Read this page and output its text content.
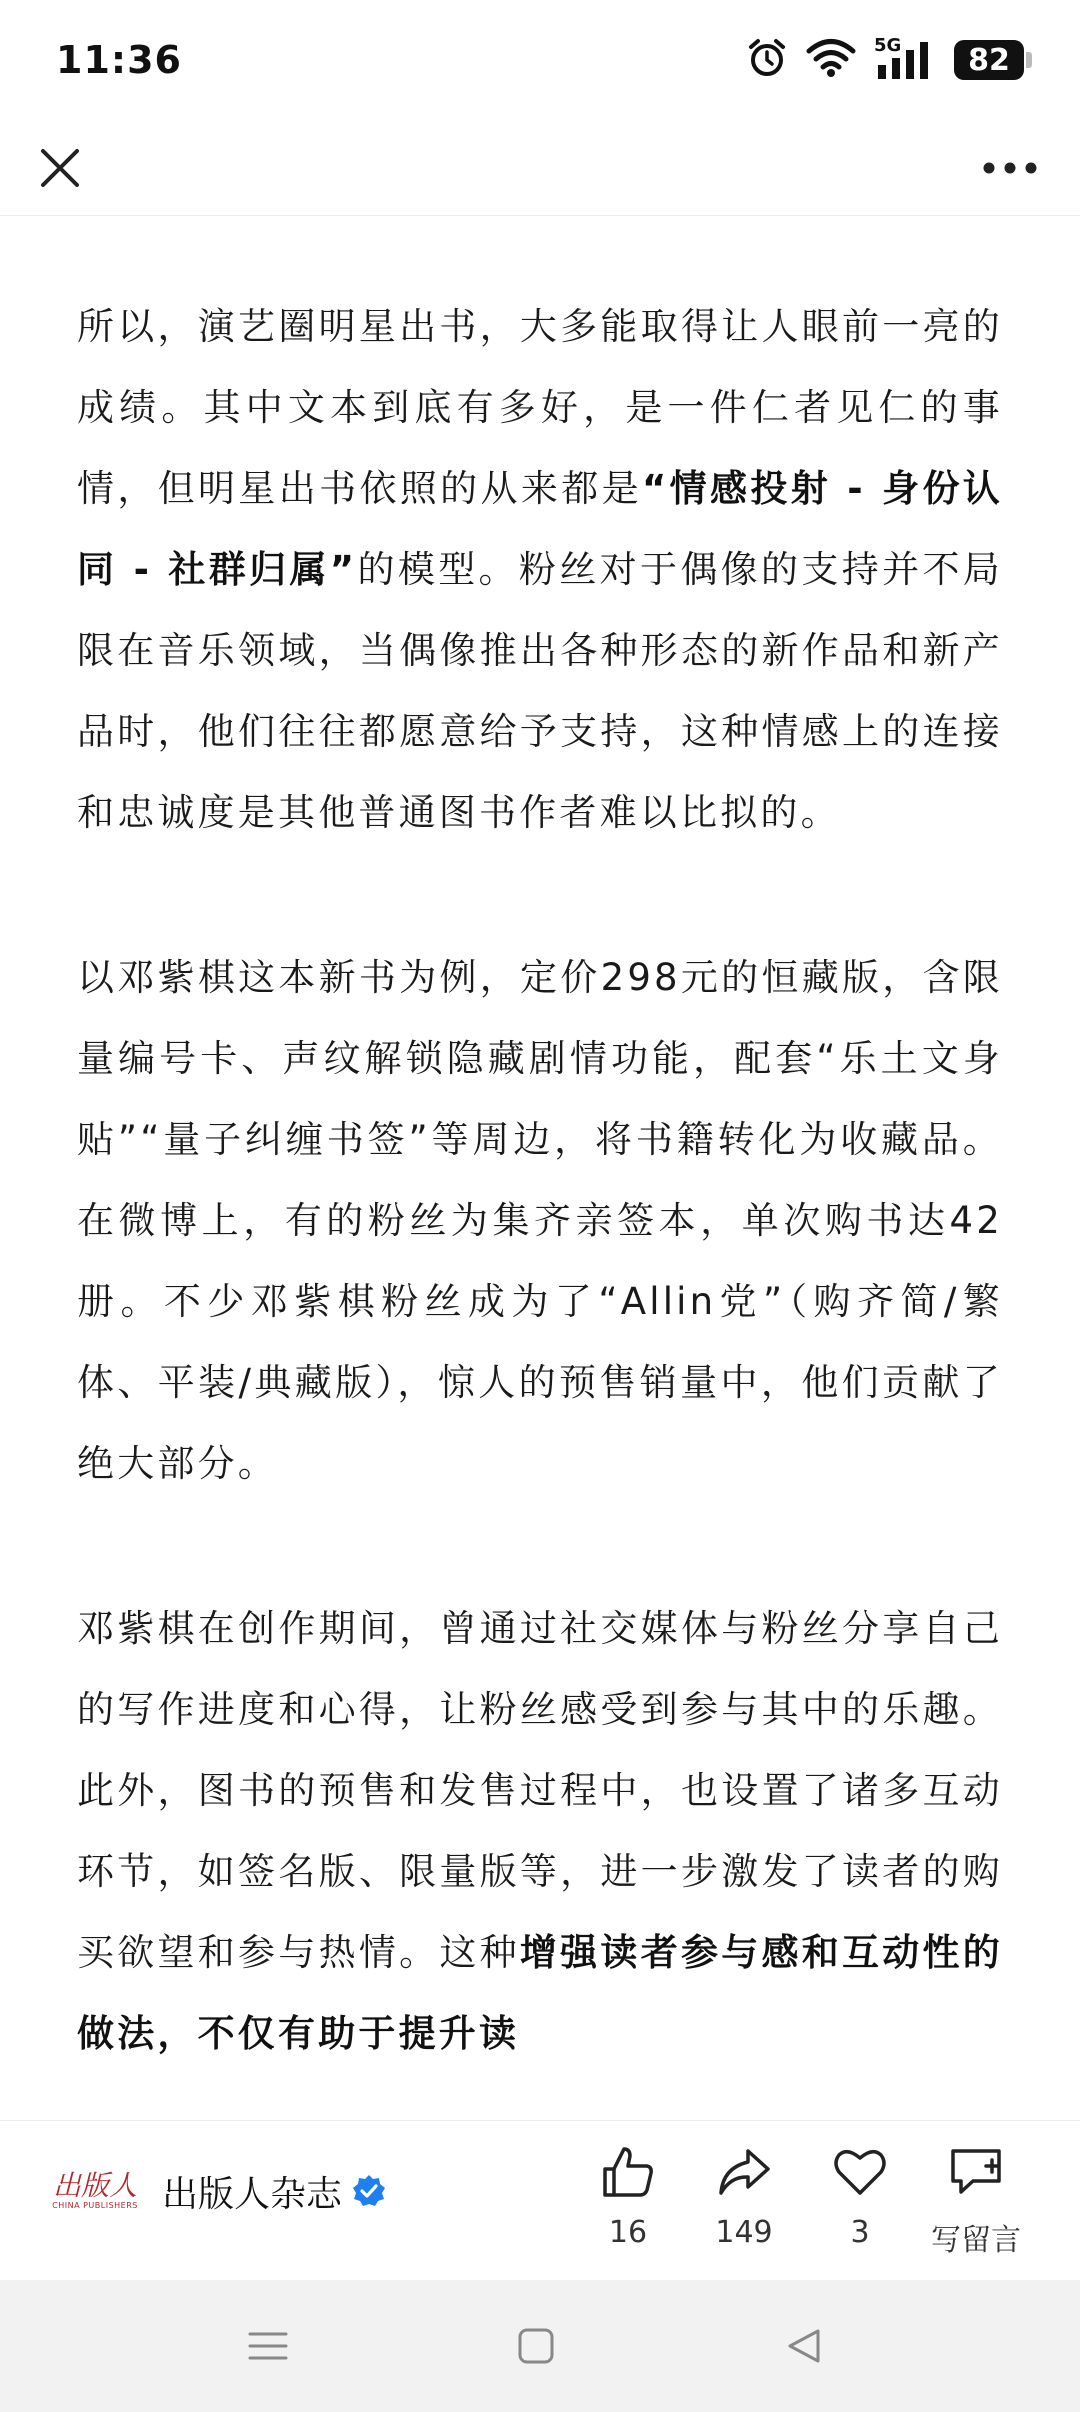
11:36	5G	82

所以，演艺圈明星出书，大多能取得让人眼前一亮的成绩。其中文本到底有多好，是一件仁者见仁的事情，但明星出书依照的从来都是“情感投射 - 身份认同 - 社群归属”的模型。粉丝对于偶像的支持并不局限在音乐领域，当偶像推出各种形态的新作品和新产品时，他们往往都愿意给予支持，这种情感上的连接和忠诚度是其他普通图书作者难以比拟的。

以邓紫棋这本新书为例，定价298元的恒藏版，含限量编号卡、声纹解锁隐藏剧情功能，配套“乐土文身贴”“量子纠缠书签”等周边，将书籍转化为收藏品。在微博上，有的粉丝为集齐亲签本，单次购书达42册。不少邓紫棋粉丝成为了“Allin党”（购齐简/繁体、平装/典藏版），惊人的预售销量中，他们贡献了绝大部分。

邓紫棋在创作期间，曾通过社交媒体与粉丝分享自己的写作进度和心得，让粉丝感受到参与其中的乐趣。此外，图书的预售和发售过程中，也设置了诸多互动环节，如签名版、限量版等，进一步激发了读者的购买欲望和参与热情。这种增强读者参与感和互动性的做法，不仅有助于提升读

出版人
CHINA PUBLISHERS 出版人杂志
16 149	3 写留言
